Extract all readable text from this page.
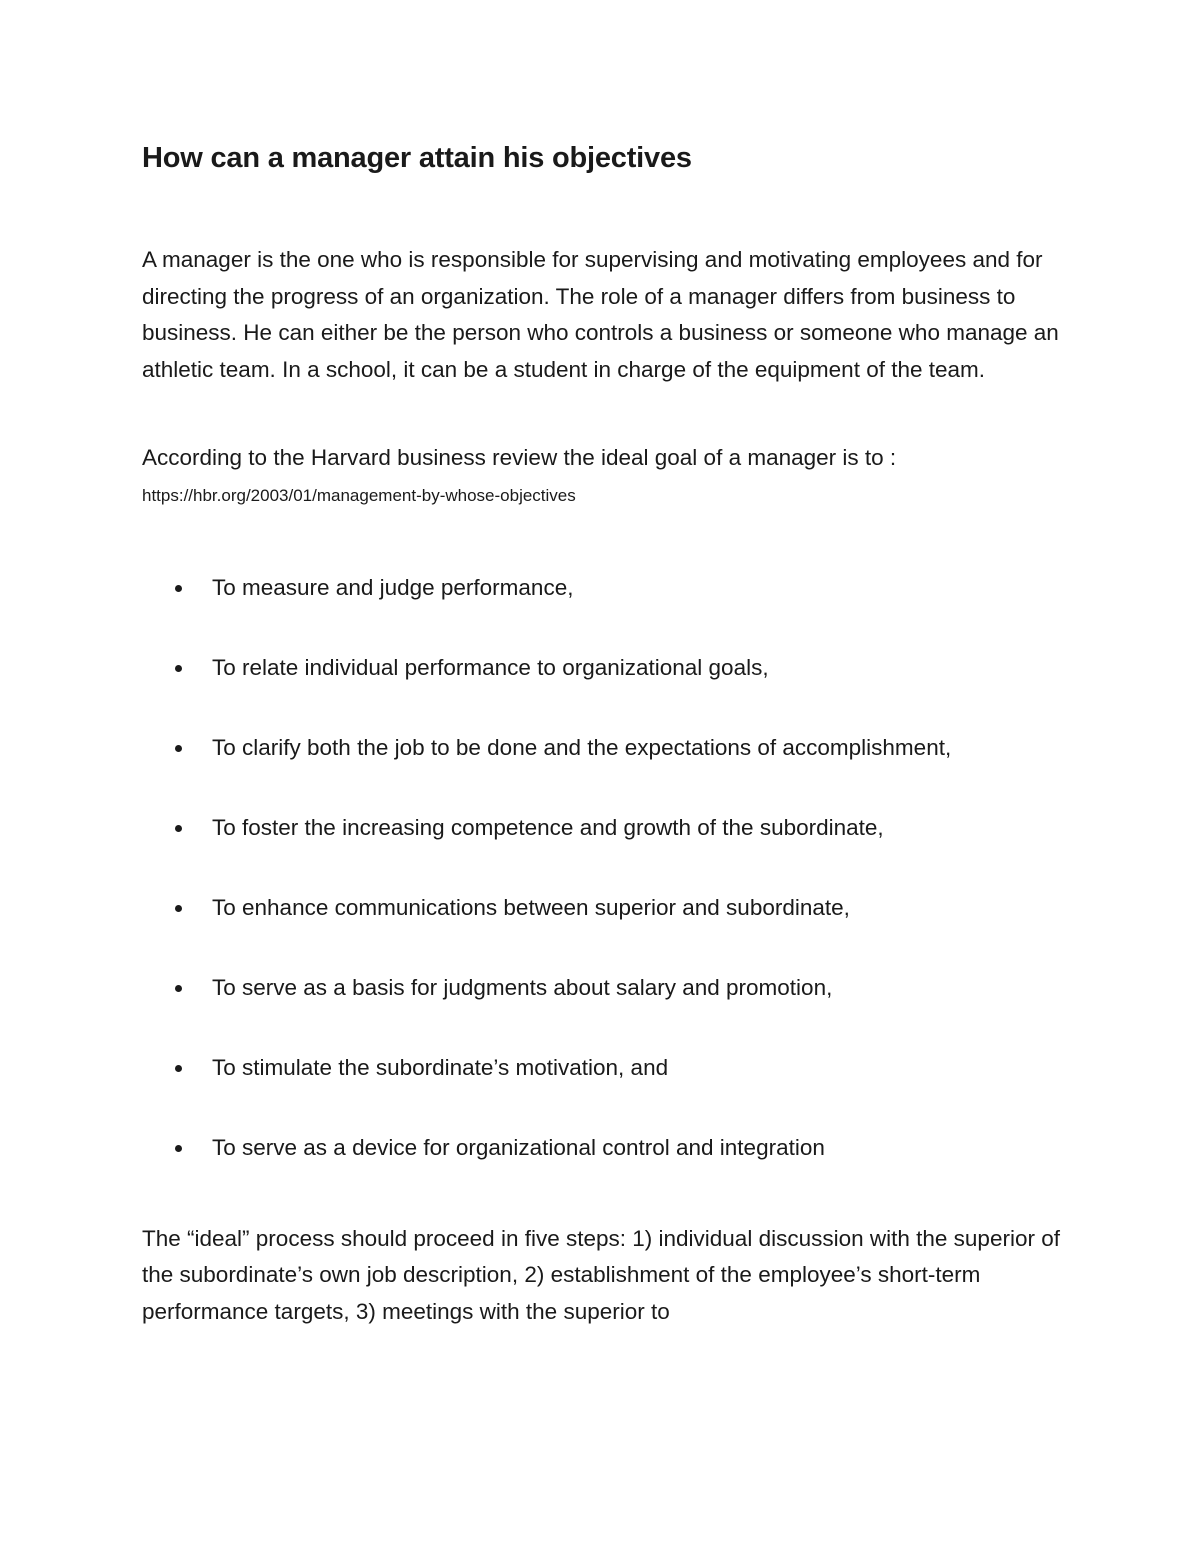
How can a manager attain his objectives

A manager is the one who is responsible for supervising and motivating employees and for directing the progress of an organization. The role of a manager differs from business to business. He can either be the person who controls a business or someone who manage an athletic team. In a school, it can be a student in charge of the equipment of the team.

According to the Harvard business review the ideal goal of a manager is to :

https://hbr.org/2003/01/management-by-whose-objectives

To measure and judge performance,
To relate individual performance to organizational goals,
To clarify both the job to be done and the expectations of accomplishment,
To foster the increasing competence and growth of the subordinate,
To enhance communications between superior and subordinate,
To serve as a basis for judgments about salary and promotion,
To stimulate the subordinate’s motivation, and
To serve as a device for organizational control and integration

The “ideal” process should proceed in five steps: 1) individual discussion with the superior of the subordinate’s own job description, 2) establishment of the employee’s short-term performance targets, 3) meetings with the superior to
